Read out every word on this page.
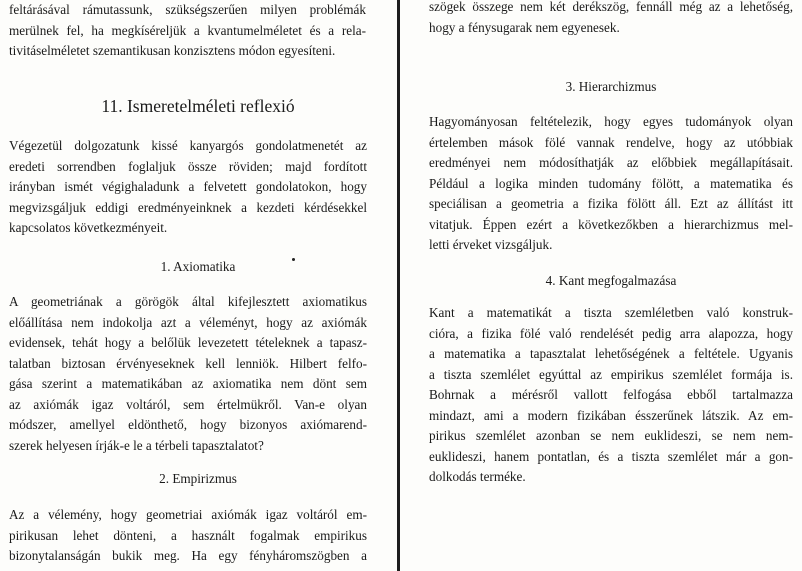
feltárásával rámutassunk, szükségszerűen milyen problémák
merülnek fel, ha megkíséreljük a kvantumelméletet és a rela-
tivitáselméletet szemantikusan konzisztens módon egyesíteni.
11. Ismeretelméleti reflexió
Végezetül dolgozatunk kissé kanyargós gondolatmenetét az
eredeti sorrendben foglaljuk össze röviden; majd fordított
irányban ismét végighaladunk a felvetett gondolatokon, hogy
megvizsgáljuk eddigi eredményeinknek a kezdeti kérdésekkel
kapcsolatos következményeit.
1. Axiomatika
A geometriának a görögök által kifejlesztett axiomatikus
előállítása nem indokolja azt a véleményt, hogy az axiómák
evidensek, tehát hogy a belőlük levezetett tételeknek a tapasz-
talatban biztosan érvényeseknek kell lenniök. Hilbert felfo-
gása szerint a matematikában az axiomatika nem dönt sem
az axiómák igaz voltáról, sem értelmükről. Van-e olyan
módszer, amellyel eldönthető, hogy bizonyos axiómarend-
szerek helyesen írják-e le a térbeli tapasztalatot?
2. Empirizmus
Az a vélemény, hogy geometriai axiómák igaz voltáról em-
pirikusan lehet dönteni, a használt fogalmak empirikus
bizonytalanságán bukik meg. Ha egy fényháromszögben a
szögek összege nem két derékszög, fennáll még az a lehetőség,
hogy a fénysugarak nem egyenesek.
3. Hierarchizmus
Hagyományosan feltételezik, hogy egyes tudományok olyan
értelemben mások fölé vannak rendelve, hogy az utóbbiak
eredményei nem módosíthatják az előbbiek megállapításait.
Például a logika minden tudomány fölött, a matematika és
speciálisan a geometria a fizika fölött áll. Ezt az állítást itt
vitatjuk. Éppen ezért a következőkben a hierarchizmus mel-
letti érveket vizsgáljuk.
4. Kant megfogalmazása
Kant a matematikát a tiszta szemléletben való konstruk-
cióra, a fizika fölé való rendelését pedig arra alapozza, hogy
a matematika a tapasztalat lehetőségének a feltétele. Ugyanis
a tiszta szemlélet egyúttal az empirikus szemlélet formája is.
Bohrnak a mérésről vallott felfogása ebből tartalmazza
mindazt, ami a modern fizikában ésszerűnek látszik. Az em-
pirikus szemlélet azonban se nem euklideszi, se nem nem-
euklideszi, hanem pontatlan, és a tiszta szemlélet már a gon-
dolkodás terméke.
